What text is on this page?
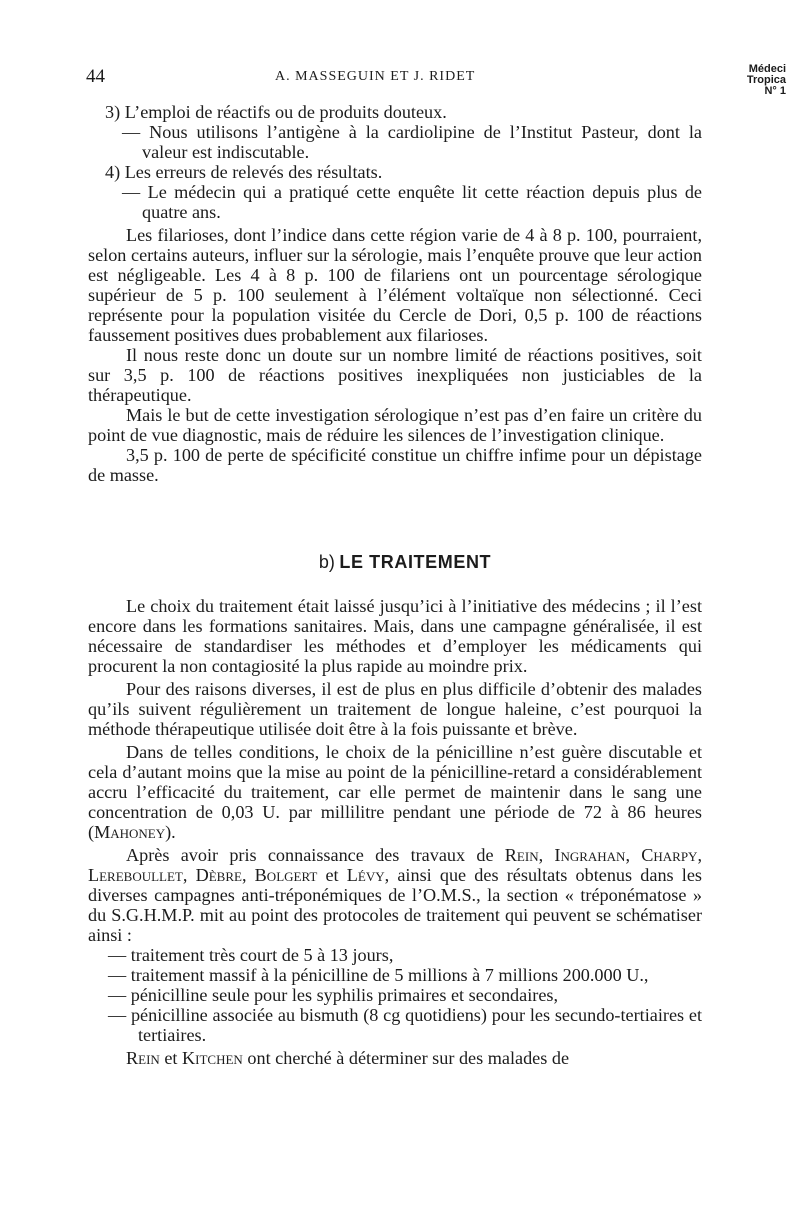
44	A. MASSEGUIN ET J. RIDET	Médeci
Tropica
N° 1

3) L’emploi de réactifs ou de produits douteux.

— Nous utilisons l’antigène à la cardiolipine de l’Institut Pasteur, dont la valeur est indiscutable.

4) Les erreurs de relevés des résultats.

— Le médecin qui a pratiqué cette enquête lit cette réaction depuis plus de quatre ans.

Les filarioses, dont l’indice dans cette région varie de 4 à 8 p. 100, pourraient, selon certains auteurs, influer sur la sérologie, mais l’enquête prouve que leur action est négligeable. Les 4 à 8 p. 100 de filariens ont un pourcentage sérologique supérieur de 5 p. 100 seulement à l’élément voltaïque non sélectionné. Ceci représente pour la population visitée du Cercle de Dori, 0,5 p. 100 de réactions faussement positives dues probablement aux filarioses.

Il nous reste donc un doute sur un nombre limité de réactions positives, soit sur 3,5 p. 100 de réactions positives inexpliquées non justiciables de la thérapeutique.

Mais le but de cette investigation sérologique n’est pas d’en faire un critère du point de vue diagnostic, mais de réduire les silences de l’investigation clinique.

3,5 p. 100 de perte de spécificité constitue un chiffre infime pour un dépistage de masse.

b) LE TRAITEMENT

Le choix du traitement était laissé jusqu’ici à l’initiative des médecins ; il l’est encore dans les formations sanitaires. Mais, dans une campagne généralisée, il est nécessaire de standardiser les méthodes et d’employer les médicaments qui procurent la non contagiosité la plus rapide au moindre prix.

Pour des raisons diverses, il est de plus en plus difficile d’obtenir des malades qu’ils suivent régulièrement un traitement de longue haleine, c’est pourquoi la méthode thérapeutique utilisée doit être à la fois puissante et brève.

Dans de telles conditions, le choix de la pénicilline n’est guère discutable et cela d’autant moins que la mise au point de la pénicilline-retard a considérablement accru l’efficacité du traitement, car elle permet de maintenir dans le sang une concentration de 0,03 U. par millilitre pendant une période de 72 à 86 heures (Mahoney).

Après avoir pris connaissance des travaux de Rein, Ingrahan, Charpy, Lereboullet, Dèbre, Bolgert et Lévy, ainsi que des résultats obtenus dans les diverses campagnes anti-tréponémiques de l’O.M.S., la section « tréponématose » du S.G.H.M.P. mit au point des protocoles de traitement qui peuvent se schématiser ainsi :

— traitement très court de 5 à 13 jours,

— traitement massif à la pénicilline de 5 millions à 7 millions 200.000 U.,

— pénicilline seule pour les syphilis primaires et secondaires,

— pénicilline associée au bismuth (8 cg quotidiens) pour les secundo-tertiaires et tertiaires.

Rein et Kitchen ont cherché à déterminer sur des malades de
